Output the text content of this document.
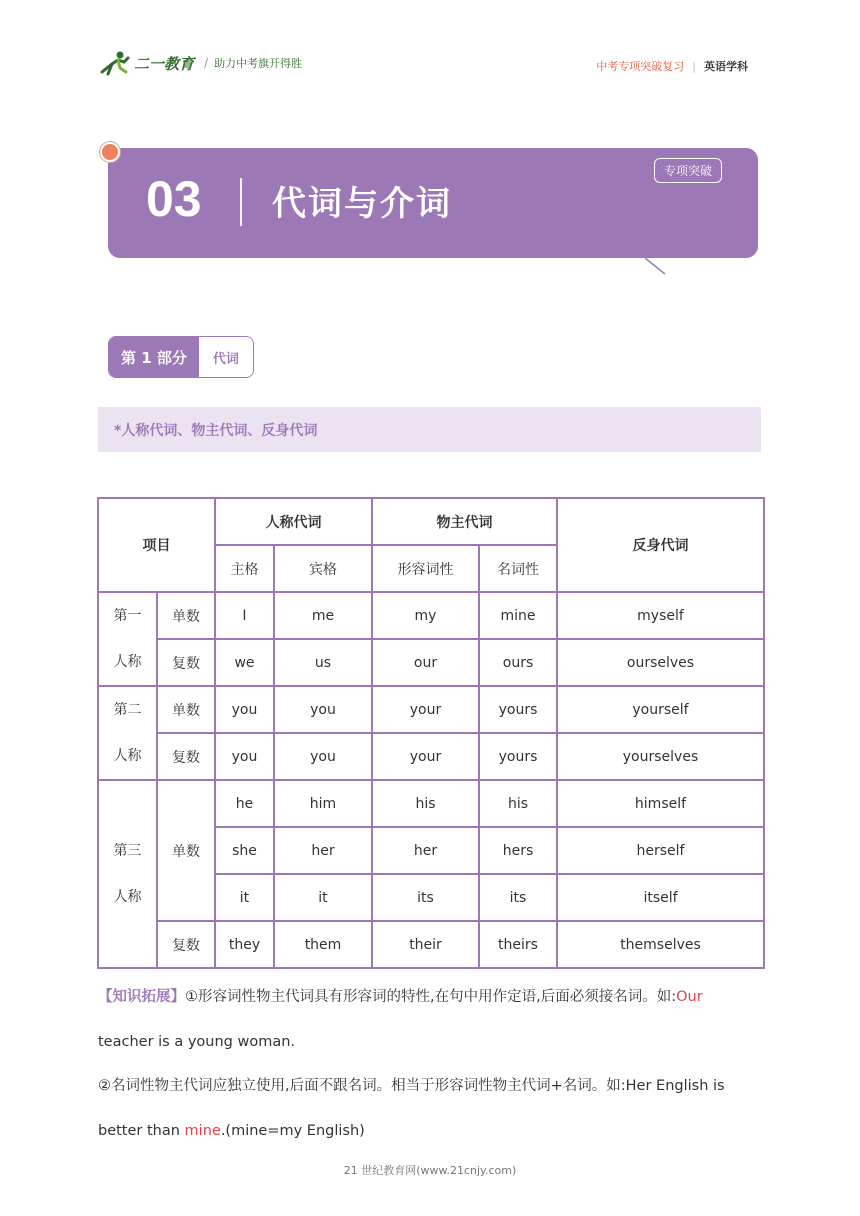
二一教育 / 助力中考旗开得胜	中考专项突破复习 | 英语学科
03 代词与介词
专项突破
第 1 部分	代词
*人称代词、物主代词、反身代词
项目		人称代词		物主代词		反身代词
		主格	宾格	形容词性	名词性	
第一
人称	单数	I	me	my	mine	myself
	复数	we	us	our	ours	ourselves
第二
人称	单数	you	you	your	yours	yourself
	复数	you	you	your	yours	yourselves
第三
人称	单数	he	him	his	his	himself
		she	her	her	hers	herself
		it	it	its	its	itself
	复数	they	them	their	theirs	themselves
【知识拓展】①形容词性物主代词具有形容词的特性,在句中用作定语,后面必须接名词。如:Our
teacher is a young woman.
②名词性物主代词应独立使用,后面不跟名词。相当于形容词性物主代词+名词。如:Her English is better than mine.(mine=my English)
21 世纪教育网(www.21cnjy.com)
